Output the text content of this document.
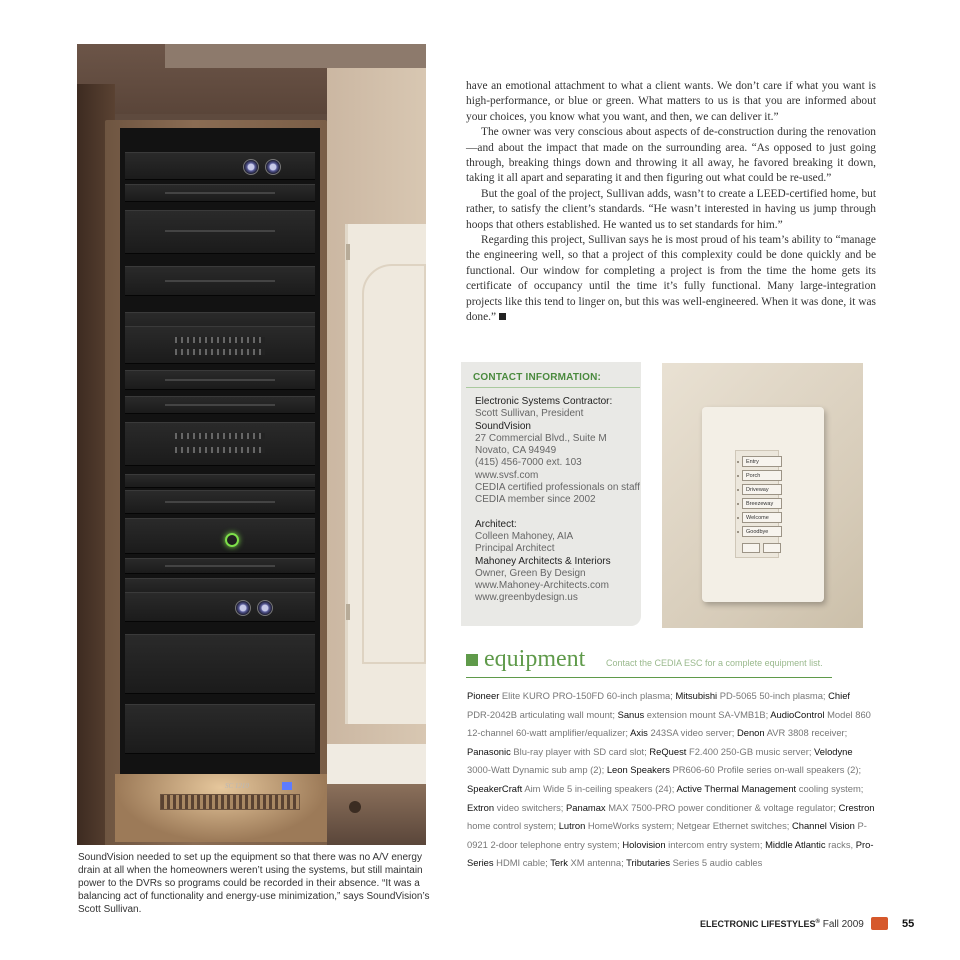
SC 1210
SoundVision needed to set up the equipment so that there was no A/V energy drain at all when the homeowners weren’t using the systems, but still maintain power to the DVRs so programs could be recorded in their absence. “It was a balancing act of functionality and energy-use minimization,” says SoundVision’s Scott Sullivan.

have an emotional attachment to what a client wants. We don’t care if what you want is high-performance, or blue or green. What matters to us is that you are informed about your choices, you know what you want, and then, we can deliver it.”

The owner was very conscious about aspects of de-construction during the renovation—and about the impact that made on the surrounding area. “As opposed to just going through, breaking things down and throwing it all away, he favored breaking it down, taking it all apart and separating it and then figuring out what could be re-used.”

But the goal of the project, Sullivan adds, wasn’t to create a LEED-certified home, but rather, to satisfy the client’s standards. “He wasn’t interested in having us jump through hoops that others established. He wanted us to set standards for him.”

Regarding this project, Sullivan says he is most proud of his team’s ability to “manage the engineering well, so that a project of this complexity could be done quickly and be functional. Our window for completing a project is from the time the home gets its certificate of occupancy until the time it’s fully functional. Many large-integration projects like this tend to linger on, but this was well-engineered. When it was done, it was done.”

CONTACT INFORMATION:
Electronic Systems Contractor:
Scott Sullivan, President
SoundVision
27 Commercial Blvd., Suite M
Novato, CA 94949
(415) 456-7000 ext. 103
www.svsf.com
CEDIA certified professionals on staff
CEDIA member since 2002
Architect:
Colleen Mahoney, AIA
Principal Architect
Mahoney Architects & Interiors
Owner, Green By Design
www.Mahoney-Architects.com
www.greenbydesign.us
Entry
Porch
Driveway
Breezeway
Welcome
Goodbye
equipment Contact the CEDIA ESC for a complete equipment list.
Pioneer Elite KURO PRO-150FD 60-inch plasma; Mitsubishi PD-5065 50-inch plasma; Chief PDR-2042B articulating wall mount; Sanus extension mount SA-VMB1B; AudioControl Model 860 12-channel 60-watt amplifier/equalizer; Axis 243SA video server; Denon AVR 3808 receiver; Panasonic Blu-ray player with SD card slot; ReQuest F2.400 250-GB music server; Velodyne 3000-Watt Dynamic sub amp (2); Leon Speakers PR606-60 Profile series on-wall speakers (2); SpeakerCraft Aim Wide 5 in-ceiling speakers (24); Active Thermal Management cooling system; Extron video switchers; Panamax MAX 7500-PRO power conditioner & voltage regulator; Crestron home control system; Lutron HomeWorks system; Netgear Ethernet switches; Channel Vision P-0921 2-door telephone entry system; Holovision intercom entry system; Middle Atlantic racks, Pro-Series HDMI cable; Terk XM antenna; Tributaries Series 5 audio cables
ELECTRONIC LIFESTYLES® Fall 2009	55
